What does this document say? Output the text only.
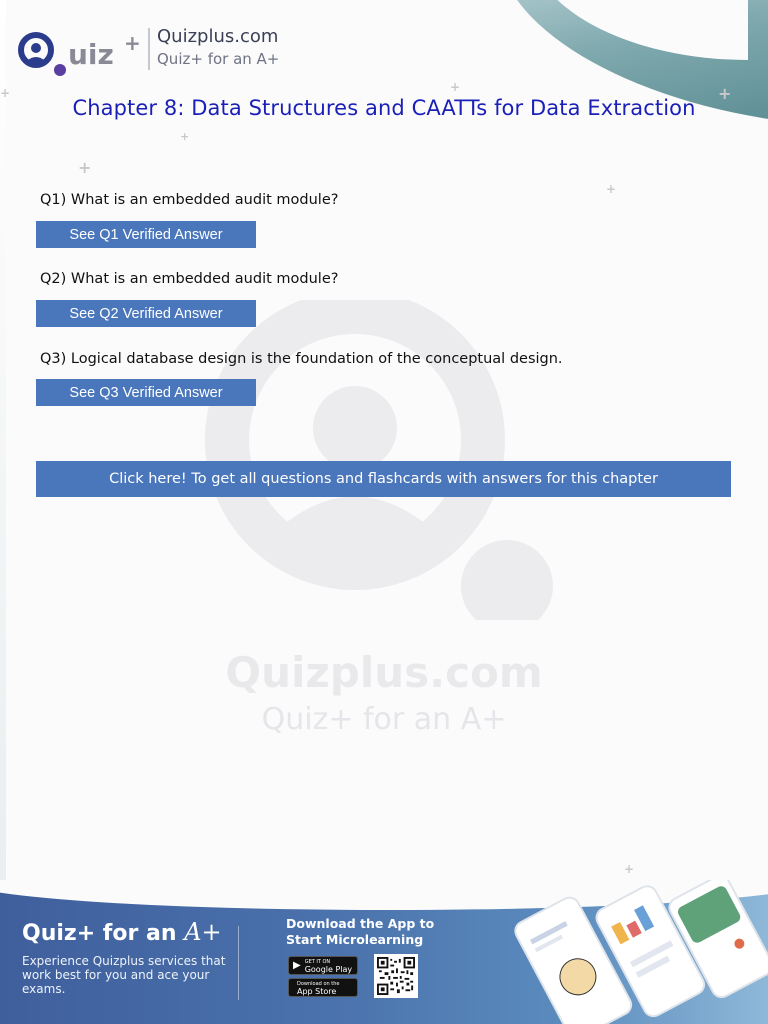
+
+
+
+
+
+
+
uiz + Quizplus.com
Quiz+ for an A+
Chapter 8: Data Structures and CAATTs for Data Extraction
Quizplus.com
Quiz+ for an A+
Q1) What is an embedded audit module?
See Q1 Verified Answer
Q2) What is an embedded audit module?
See Q2 Verified Answer
Q3) Logical database design is the foundation of the conceptual design.
See Q3 Verified Answer
Click here! To get all questions and flashcards with answers for this chapter
Quiz+ for an A+
Experience Quizplus services that work best for you and ace your exams.
Download the App to Start Microlearning
▶ GET IT ON
Google Play
Download on the
App Store
